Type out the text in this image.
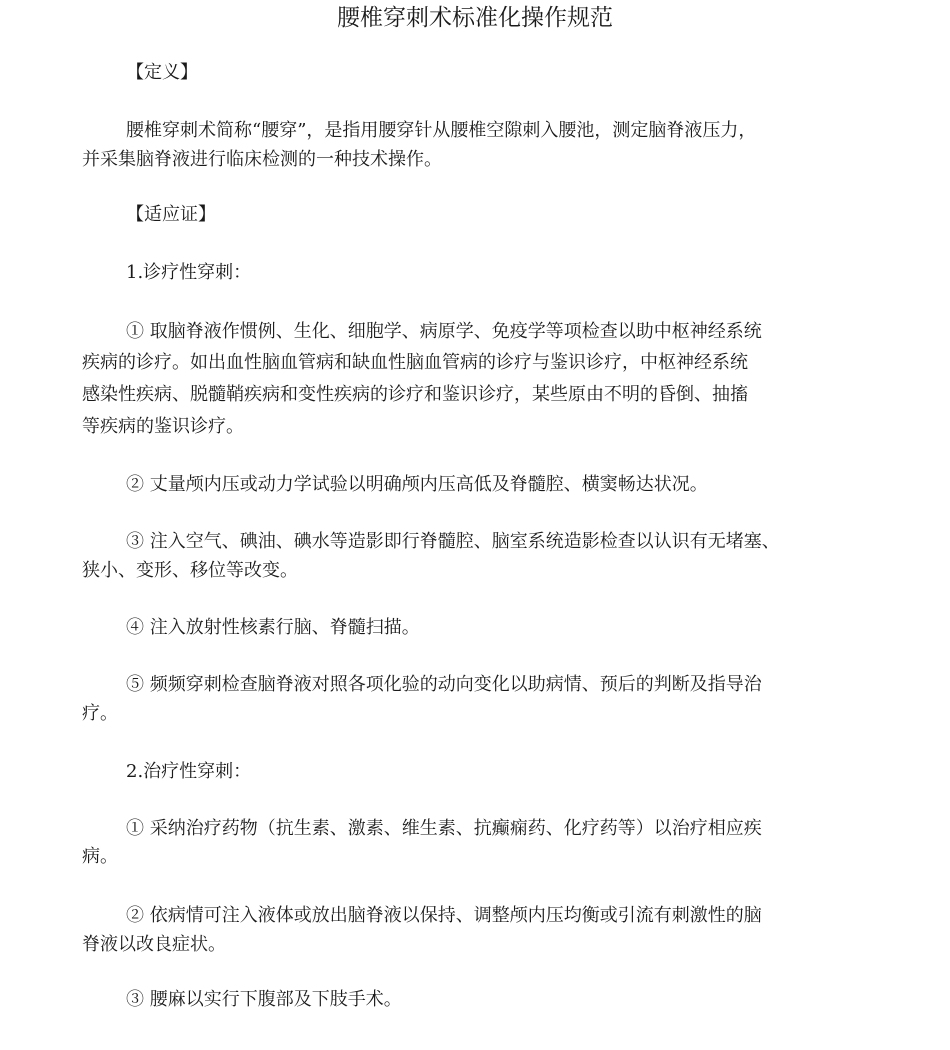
腰椎穿刺术标准化操作规范
【定义】
腰椎穿刺术简称“腰穿”，是指用腰穿针从腰椎空隙刺入腰池，测定脑脊液压力，
并采集脑脊液进行临床检测的一种技术操作。
【适应证】
1.诊疗性穿刺：
① 取脑脊液作惯例、生化、细胞学、病原学、免疫学等项检查以助中枢神经系统
疾病的诊疗。如出血性脑血管病和缺血性脑血管病的诊疗与鉴识诊疗，中枢神经系统
感染性疾病、脱髓鞘疾病和变性疾病的诊疗和鉴识诊疗，某些原由不明的昏倒、抽搐
等疾病的鉴识诊疗。
② 丈量颅内压或动力学试验以明确颅内压高低及脊髓腔、横窦畅达状况。
③ 注入空气、碘油、碘水等造影即行脊髓腔、脑室系统造影检查以认识有无堵塞、
狭小、变形、移位等改变。
④ 注入放射性核素行脑、脊髓扫描。
⑤ 频频穿刺检查脑脊液对照各项化验的动向变化以助病情、预后的判断及指导治
疗。
2.治疗性穿刺：
① 采纳治疗药物（抗生素、激素、维生素、抗癫痫药、化疗药等）以治疗相应疾
病。
② 依病情可注入液体或放出脑脊液以保持、调整颅内压均衡或引流有刺激性的脑
脊液以改良症状。
③ 腰麻以实行下腹部及下肢手术。
